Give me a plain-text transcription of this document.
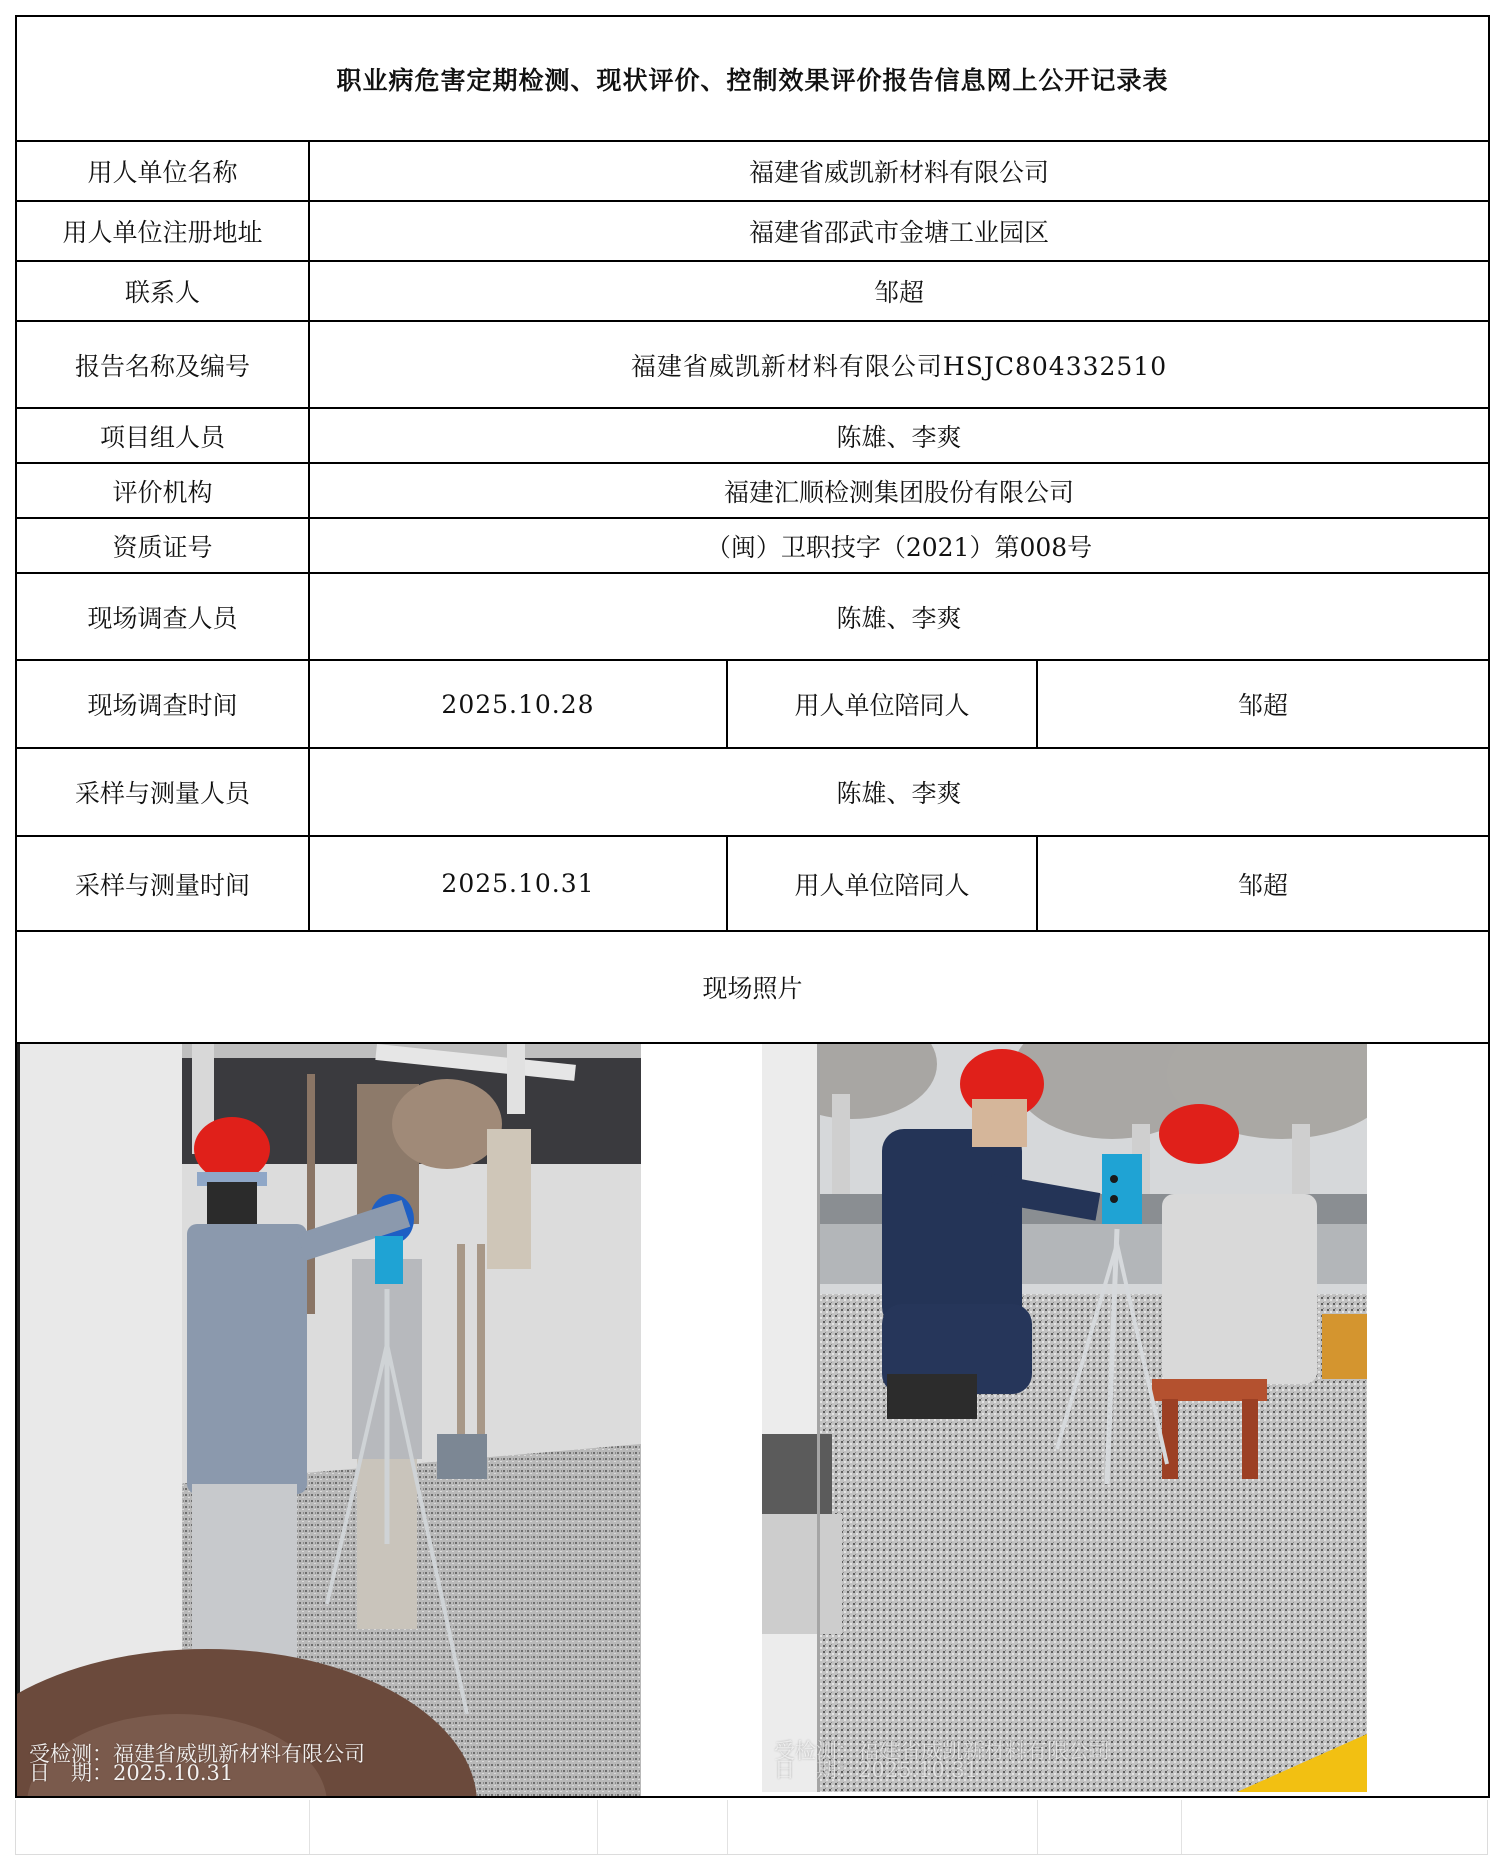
职业病危害定期检测、现状评价、控制效果评价报告信息网上公开记录表			
用人单位名称	福建省威凯新材料有限公司		
用人单位注册地址	福建省邵武市金塘工业园区		
联系人	邹超		
报告名称及编号	福建省威凯新材料有限公司HSJC804332510		
项目组人员	陈雄、李爽		
评价机构	福建汇顺检测集团股份有限公司		
资质证号	（闽）卫职技字（2021）第008号		
现场调查人员	陈雄、李爽		
现场调查时间	2025.10.28	用人单位陪同人	邹超
采样与测量人员	陈雄、李爽		
采样与测量时间	2025.10.31	用人单位陪同人	邹超
现场照片			

受检测：福建省威凯新材料有限公司
日　期：2025.10.31
受检测：福建省威凯新材料有限公司
日　期：2025.10.31			
